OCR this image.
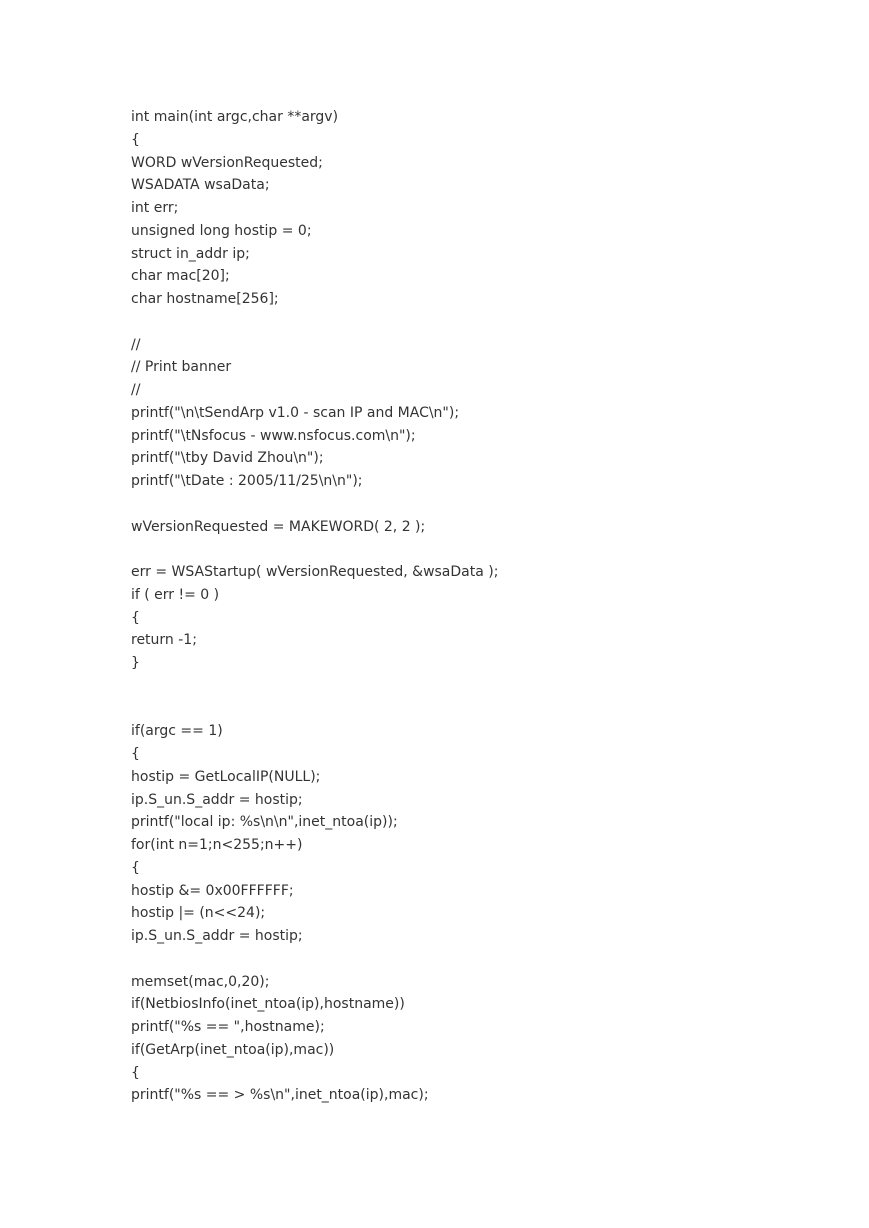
int main(int argc,char **argv)
{
WORD wVersionRequested;
WSADATA wsaData;
int err;
unsigned long hostip = 0;
struct in_addr ip;
char mac[20];
char hostname[256];
//
// Print banner
//
printf("\n\tSendArp v1.0 - scan IP and MAC\n");
printf("\tNsfocus - www.nsfocus.com\n");
printf("\tby David Zhou\n");
printf("\tDate : 2005/11/25\n\n");
wVersionRequested = MAKEWORD( 2, 2 );
err = WSAStartup( wVersionRequested, &wsaData );
if ( err != 0 )
{
return -1;
}
if(argc == 1)
{
hostip = GetLocalIP(NULL);
ip.S_un.S_addr = hostip;
printf("local ip: %s\n\n",inet_ntoa(ip));
for(int n=1;n<255;n++)
{
hostip &= 0x00FFFFFF;
hostip |= (n<<24);
ip.S_un.S_addr = hostip;
memset(mac,0,20);
if(NetbiosInfo(inet_ntoa(ip),hostname))
printf("%s == ",hostname);
if(GetArp(inet_ntoa(ip),mac))
{
printf("%s == > %s\n",inet_ntoa(ip),mac);
